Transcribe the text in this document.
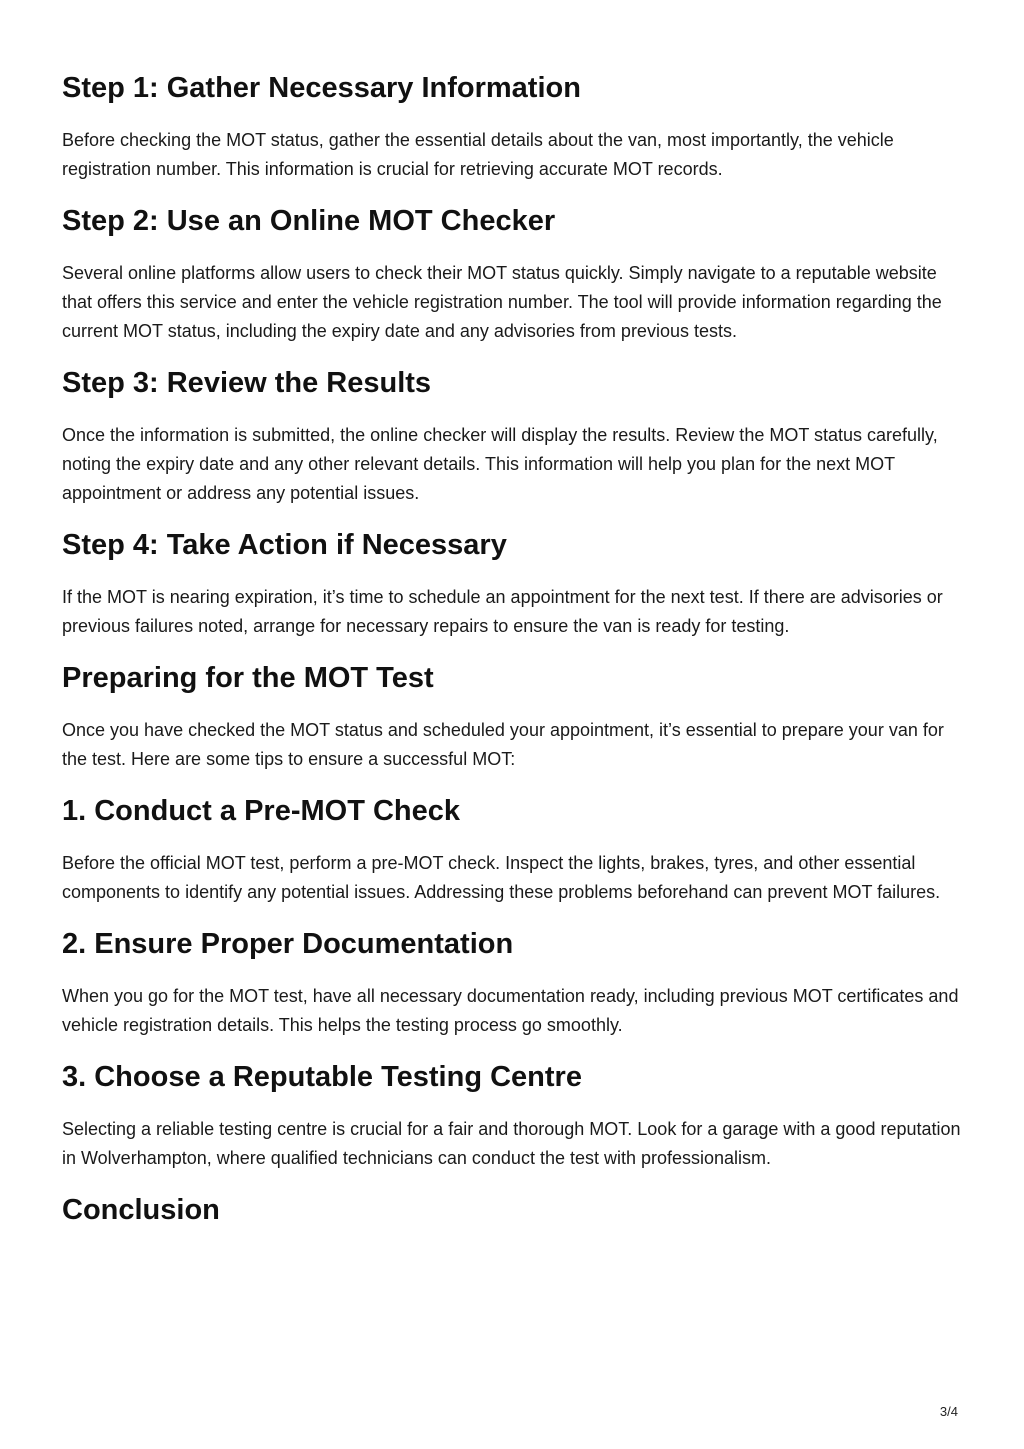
Step 1: Gather Necessary Information

Before checking the MOT status, gather the essential details about the van, most importantly, the vehicle registration number. This information is crucial for retrieving accurate MOT records.

Step 2: Use an Online MOT Checker

Several online platforms allow users to check their MOT status quickly. Simply navigate to a reputable website that offers this service and enter the vehicle registration number. The tool will provide information regarding the current MOT status, including the expiry date and any advisories from previous tests.

Step 3: Review the Results

Once the information is submitted, the online checker will display the results. Review the MOT status carefully, noting the expiry date and any other relevant details. This information will help you plan for the next MOT appointment or address any potential issues.

Step 4: Take Action if Necessary

If the MOT is nearing expiration, it’s time to schedule an appointment for the next test. If there are advisories or previous failures noted, arrange for necessary repairs to ensure the van is ready for testing.

Preparing for the MOT Test

Once you have checked the MOT status and scheduled your appointment, it’s essential to prepare your van for the test. Here are some tips to ensure a successful MOT:

1. Conduct a Pre-MOT Check

Before the official MOT test, perform a pre-MOT check. Inspect the lights, brakes, tyres, and other essential components to identify any potential issues. Addressing these problems beforehand can prevent MOT failures.

2. Ensure Proper Documentation

When you go for the MOT test, have all necessary documentation ready, including previous MOT certificates and vehicle registration details. This helps the testing process go smoothly.

3. Choose a Reputable Testing Centre

Selecting a reliable testing centre is crucial for a fair and thorough MOT. Look for a garage with a good reputation in Wolverhampton, where qualified technicians can conduct the test with professionalism.

Conclusion
3/4
